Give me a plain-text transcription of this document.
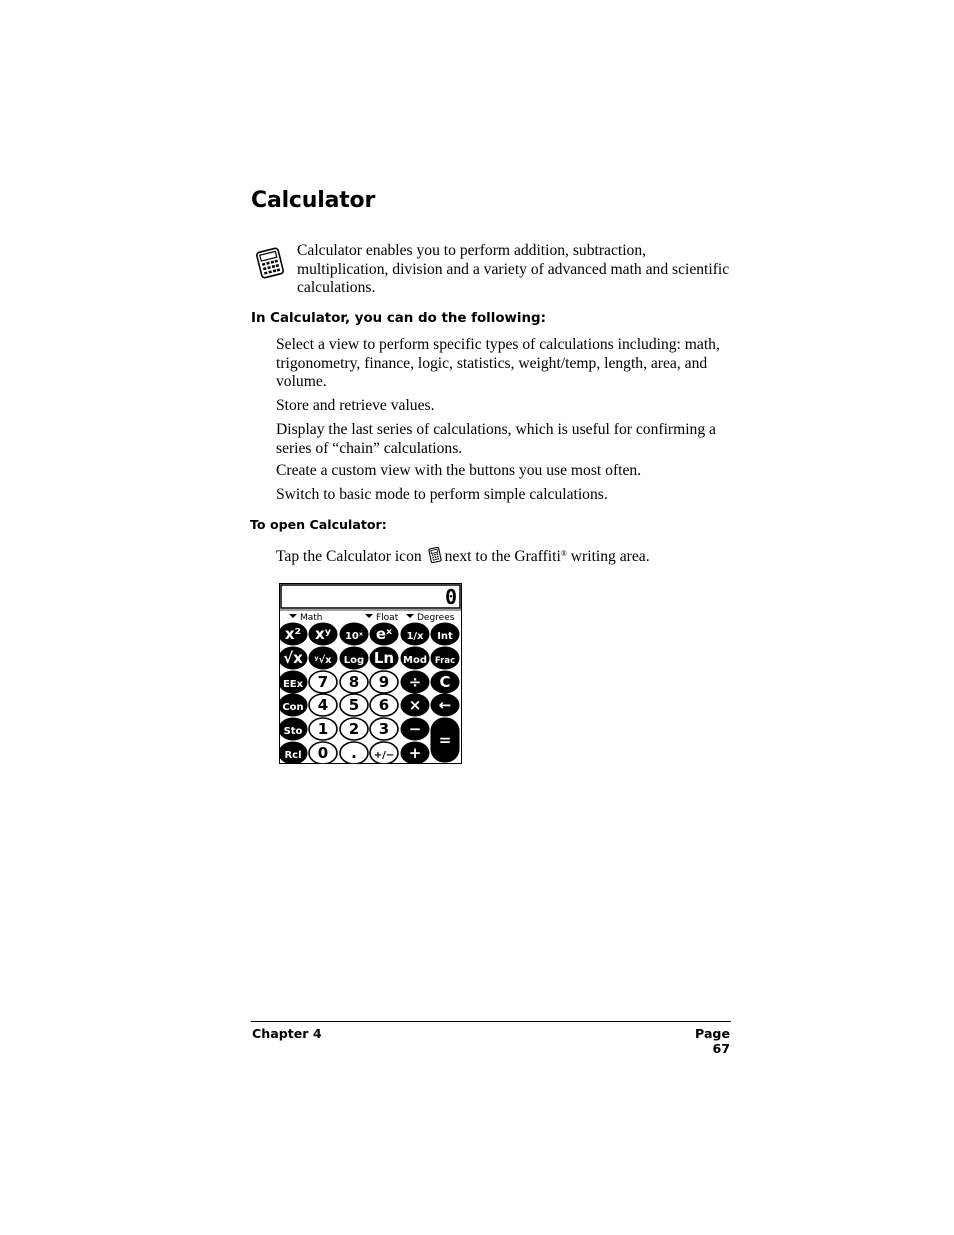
Calculator

Calculator enables you to perform addition, subtraction, multiplication, division and a variety of advanced math and scientific calculations.

In Calculator, you can do the following:
Select a view to perform specific types of calculations including: math, trigonometry, finance, logic, statistics, weight/temp, length, area, and volume.
Store and retrieve values.
Display the last series of calculations, which is useful for confirming a series of “chain” calculations.
Create a custom view with the buttons you use most often.
Switch to basic mode to perform simple calculations.
To open Calculator:

Tap the Calculator icon next to the Graffiti® writing area.

0
Math	Float Degrees
x² xʸ 10ˣ eˣ 1/x Int
√x ʸ√x Log Ln Mod Frac
EEx 7 8 9 ÷ C
Con 4 5 6 × ←
Sto 1 2 3 −
=
Rcl 0 . +/− +
Chapter 4	Page 67
